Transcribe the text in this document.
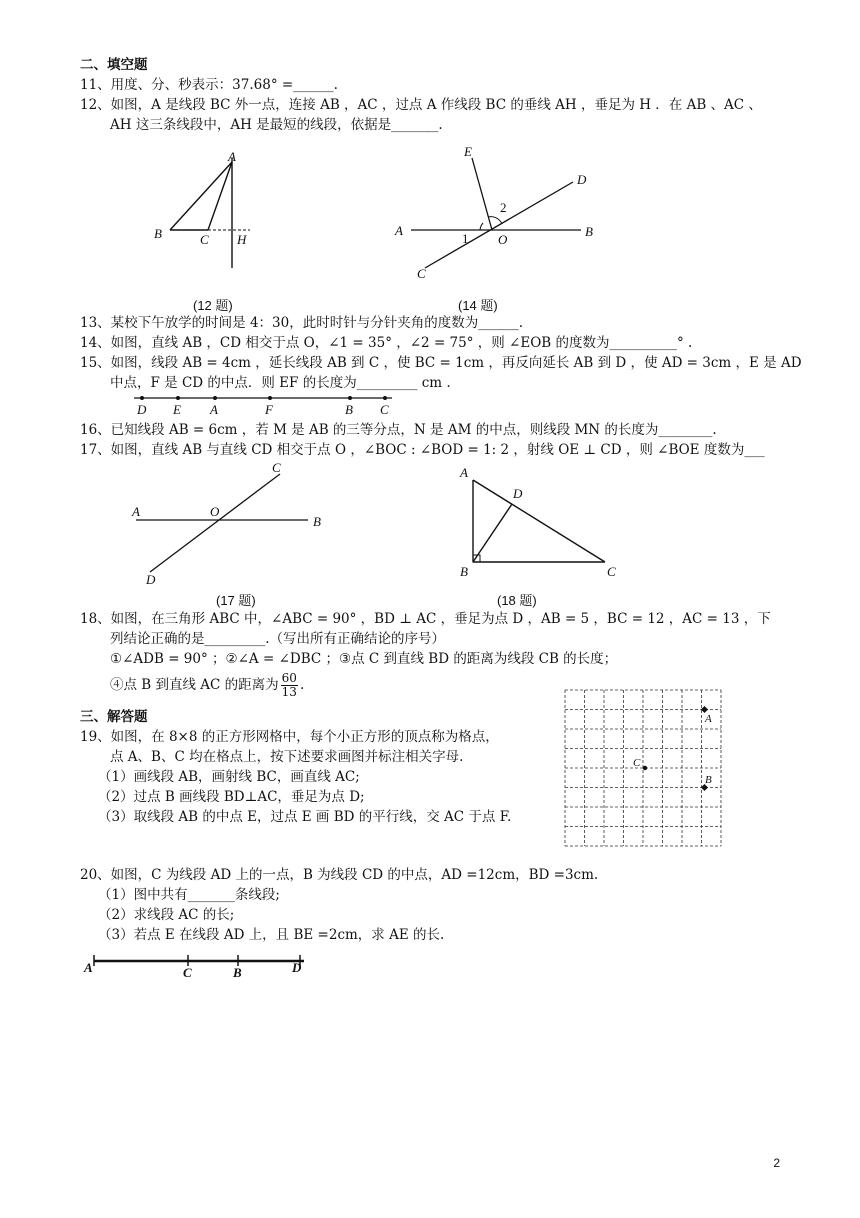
二、填空题
11、用度、分、秒表示：37.68° =______.
12、如图，A 是线段 BC 外一点，连接 AB ，AC ，过点 A 作线段 BC 的垂线 AH ，垂足为 H ．在 AB 、AC 、
AH 这三条线段中，AH 是最短的线段，依据是_______.
A
B	C H
(12 题)
A	B
C
D
E
O
1
2
(14 题)
13、某校下午放学的时间是 4：30，此时时针与分针夹角的度数为______.
14、如图，直线 AB ，CD 相交于点 O，∠1 = 35° ，∠2 = 75° ，则 ∠EOB 的度数为__________° .
15、如图，线段 AB = 4cm ，延长线段 AB 到 C ，使 BC = 1cm ，再反向延长 AB 到 D ，使 AD = 3cm ，E 是 AD
中点，F 是 CD 的中点．则 EF 的长度为_________ cm .
D E A	F	B C
16、已知线段 AB = 6cm ，若 M 是 AB 的三等分点，N 是 AM 的中点，则线段 MN 的长度为________.
17、如图，直线 AB 与直线 CD 相交于点 O ，∠BOC : ∠BOD = 1: 2 ，射线 OE ⊥ CD ，则 ∠BOE 度数为___
A
B
C
D
O
(17 题)
A
B	C
D
(18 题)
18、如图，在三角形 ABC 中，∠ABC = 90° ，BD ⊥ AC ，垂足为点 D ，AB = 5 ，BC = 12 ，AC = 13 ，下
列结论正确的是_________.（写出所有正确结论的序号）
①∠ADB = 90° ；②∠A = ∠DBC ；③点 C 到直线 BD 的距离为线段 CB 的长度；
④点 B 到直线 AC 的距离为 $\frac{60}{13}$ .
三、解答题
19、如图，在 8×8 的正方形网格中，每个小正方形的顶点称为格点，
点 A、B、C 均在格点上，按下述要求画图并标注相关字母.
（1）画线段 AB，画射线 BC，画直线 AC;
（2）过点 B 画线段 BD⊥AC，垂足为点 D;
（3）取线段 AB 的中点 E，过点 E 画 BD 的平行线，交 AC 于点 F.
A
C
B
20、如图，C 为线段 AD 上的一点，B 为线段 CD 的中点，AD =12cm，BD =3cm.
（1）图中共有_______条线段;
（2）求线段 AC 的长;
（3）若点 E 在线段 AD 上，且 BE =2cm，求 AE 的长.
A	C	B	D
2
